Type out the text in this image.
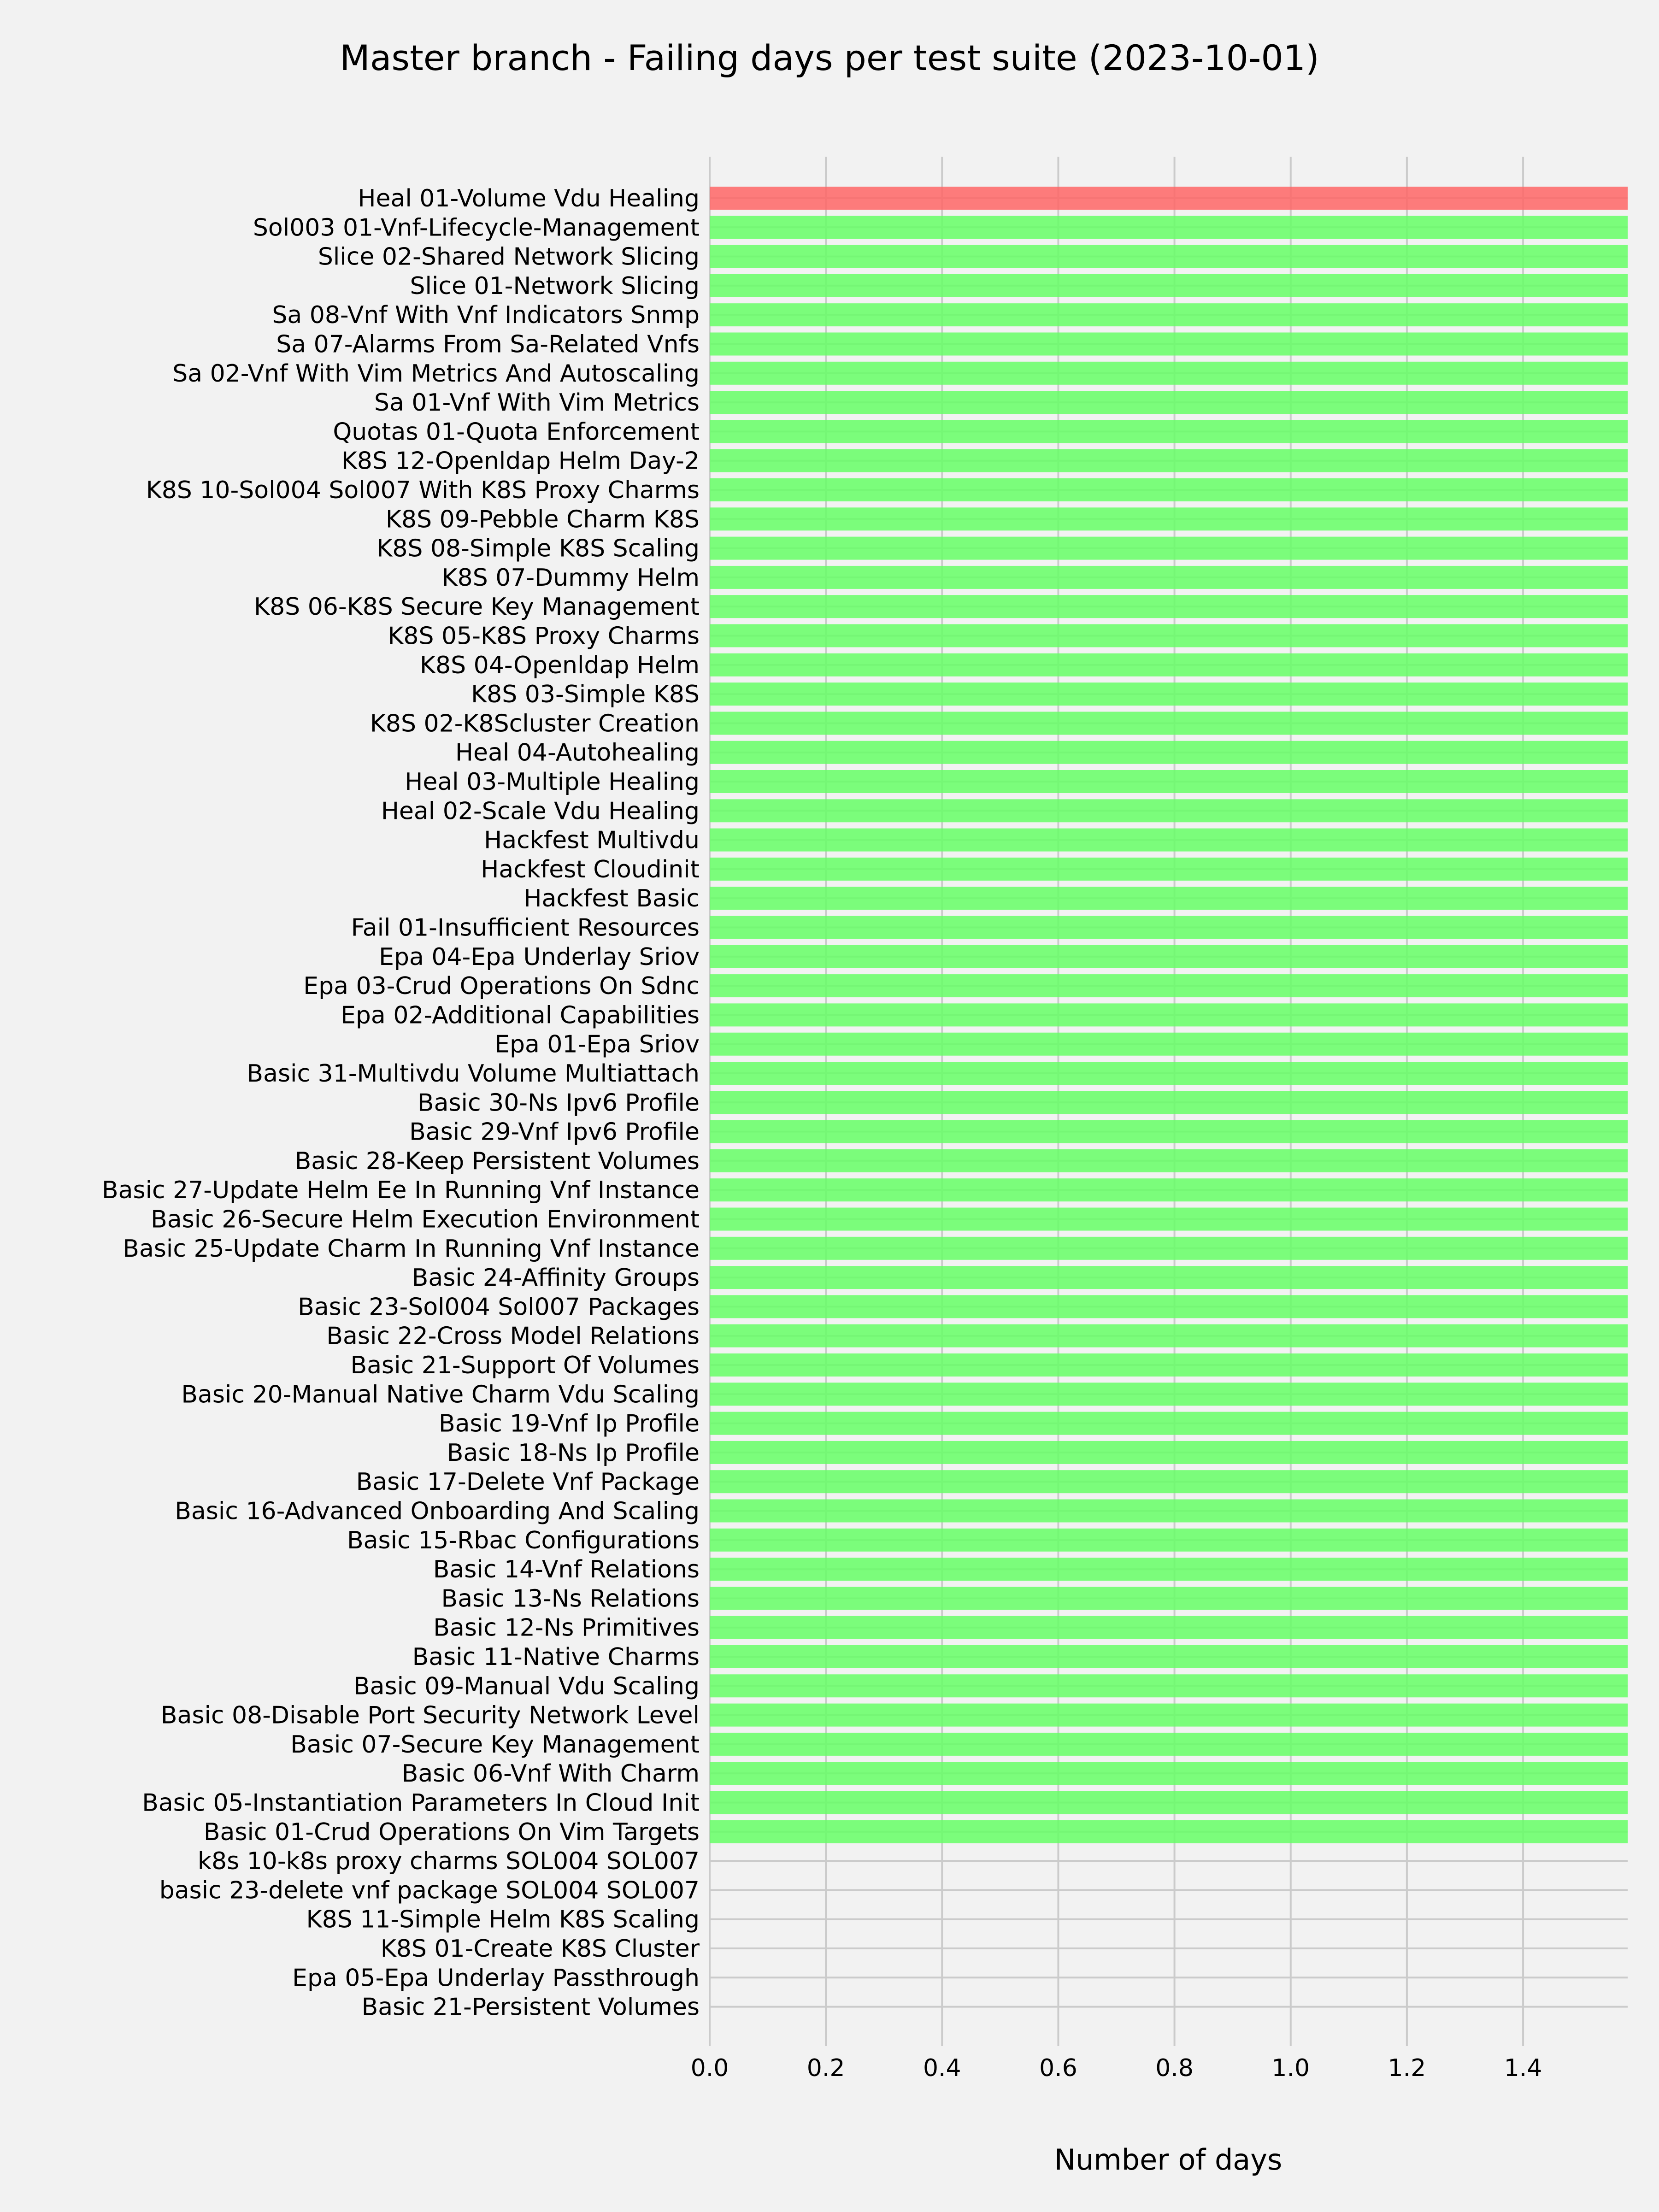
Master branch - Failing days per test suite (2023-10-01)
Heal 01-Volume Vdu Healing
Sol003 01-Vnf-Lifecycle-Management
Slice 02-Shared Network Slicing
Slice 01-Network Slicing
Sa 08-Vnf With Vnf Indicators Snmp
Sa 07-Alarms From Sa-Related Vnfs
Sa 02-Vnf With Vim Metrics And Autoscaling
Sa 01-Vnf With Vim Metrics
Quotas 01-Quota Enforcement
K8S 12-Openldap Helm Day-2
K8S 10-Sol004 Sol007 With K8S Proxy Charms
K8S 09-Pebble Charm K8S
K8S 08-Simple K8S Scaling
K8S 07-Dummy Helm
K8S 06-K8S Secure Key Management
K8S 05-K8S Proxy Charms
K8S 04-Openldap Helm
K8S 03-Simple K8S
K8S 02-K8Scluster Creation
Heal 04-Autohealing
Heal 03-Multiple Healing
Heal 02-Scale Vdu Healing
Hackfest Multivdu
Hackfest Cloudinit
Hackfest Basic
Fail 01-Insufficient Resources
Epa 04-Epa Underlay Sriov
Epa 03-Crud Operations On Sdnc
Epa 02-Additional Capabilities
Epa 01-Epa Sriov
Basic 31-Multivdu Volume Multiattach
Basic 30-Ns Ipv6 Profile
Basic 29-Vnf Ipv6 Profile
Basic 28-Keep Persistent Volumes
Basic 27-Update Helm Ee In Running Vnf Instance
Basic 26-Secure Helm Execution Environment
Basic 25-Update Charm In Running Vnf Instance
Basic 24-Affinity Groups
Basic 23-Sol004 Sol007 Packages
Basic 22-Cross Model Relations
Basic 21-Support Of Volumes
Basic 20-Manual Native Charm Vdu Scaling
Basic 19-Vnf Ip Profile
Basic 18-Ns Ip Profile
Basic 17-Delete Vnf Package
Basic 16-Advanced Onboarding And Scaling
Basic 15-Rbac Configurations
Basic 14-Vnf Relations
Basic 13-Ns Relations
Basic 12-Ns Primitives
Basic 11-Native Charms
Basic 09-Manual Vdu Scaling
Basic 08-Disable Port Security Network Level
Basic 07-Secure Key Management
Basic 06-Vnf With Charm
Basic 05-Instantiation Parameters In Cloud Init
Basic 01-Crud Operations On Vim Targets
k8s 10-k8s proxy charms SOL004 SOL007
basic 23-delete vnf package SOL004 SOL007
K8S 11-Simple Helm K8S Scaling
K8S 01-Create K8S Cluster
Epa 05-Epa Underlay Passthrough
Basic 21-Persistent Volumes
0.0	0.2	0.4	0.6	0.8	1.0	1.2	1.4
Number of days
